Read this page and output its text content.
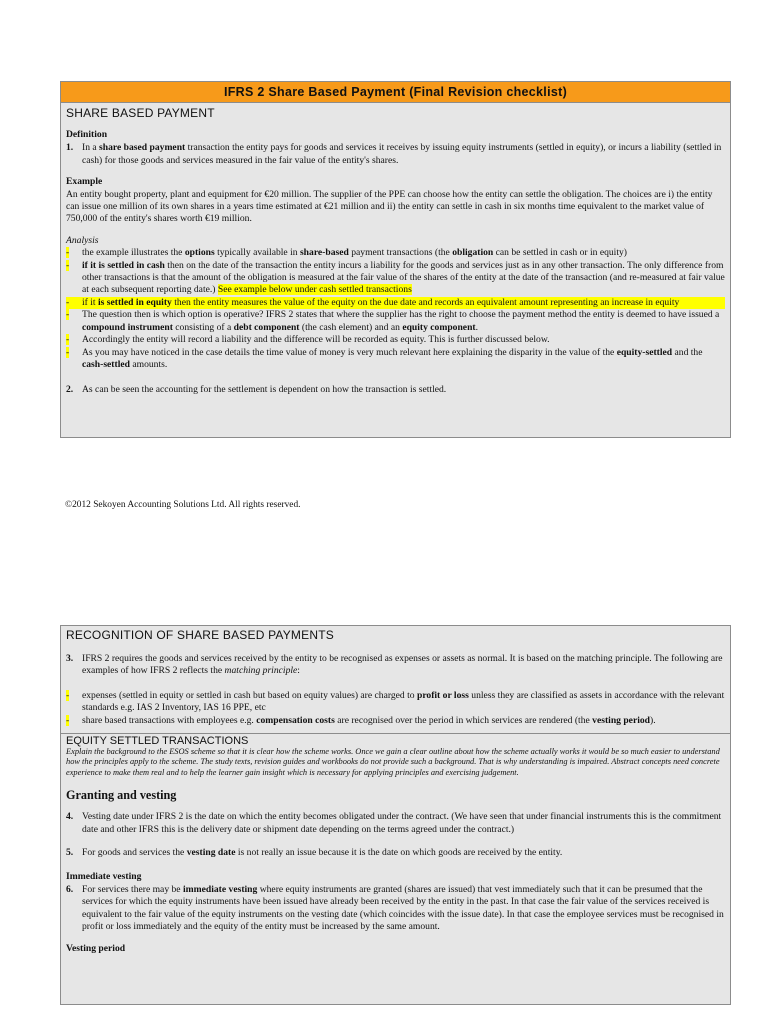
IFRS 2 Share Based Payment (Final Revision checklist)
SHARE BASED PAYMENT
Definition
1. In a share based payment transaction the entity pays for goods and services it receives by issuing equity instruments (settled in equity), or incurs a liability (settled in cash) for those goods and services measured in the fair value of the entity's shares.
Example
An entity bought property, plant and equipment for €20 million. The supplier of the PPE can choose how the entity can settle the obligation. The choices are i) the entity can issue one million of its own shares in a years time estimated at €21 million and ii) the entity can settle in cash in six months time equivalent to the market value of 750,000 of the entity's shares worth €19 million.
Analysis
-	the example illustrates the options typically available in share-based payment transactions (the obligation can be settled in cash or in equity)
-	if it is settled in cash then on the date of the transaction the entity incurs a liability for the goods and services just as in any other transaction. The only difference from other transactions is that the amount of the obligation is measured at the fair value of the shares of the entity at the date of the transaction (and re-measured at fair value at each subsequent reporting date.) See example below under cash settled transactions
-	if it is settled in equity then the entity measures the value of the equity on the due date and records an equivalent amount representing an increase in equity
-	The question then is which option is operative? IFRS 2 states that where the supplier has the right to choose the payment method the entity is deemed to have issued a compound instrument consisting of a debt component (the cash element) and an equity component.
-	Accordingly the entity will record a liability and the difference will be recorded as equity. This is further discussed below.
-	As you may have noticed in the case details the time value of money is very much relevant here explaining the disparity in the value of the equity-settled and the cash-settled amounts.
2. As can be seen the accounting for the settlement is dependent on how the transaction is settled.
©2012 Sekoyen Accounting Solutions Ltd. All rights reserved.
RECOGNITION OF SHARE BASED PAYMENTS
3. IFRS 2 requires the goods and services received by the entity to be recognised as expenses or assets as normal. It is based on the matching principle. The following are examples of how IFRS 2 reflects the matching principle:
-	expenses (settled in equity or settled in cash but based on equity values) are charged to profit or loss unless they are classified as assets in accordance with the relevant standards e.g. IAS 2 Inventory, IAS 16 PPE, etc
-	share based transactions with employees e.g. compensation costs are recognised over the period in which services are rendered (the vesting period).
EQUITY SETTLED TRANSACTIONS
Explain the background to the ESOS scheme so that it is clear how the scheme works. Once we gain a clear outline about how the scheme actually works it would be so much easier to understand how the principles apply to the scheme. The study texts, revision guides and workbooks do not provide such a background. That is why understanding is impaired. Abstract concepts need concrete experience to make them real and to help the learner gain insight which is necessary for applying principles and exercising judgement.
Granting and vesting
4. Vesting date under IFRS 2 is the date on which the entity becomes obligated under the contract. (We have seen that under financial instruments this is the commitment date and other IFRS this is the delivery date or shipment date depending on the terms agreed under the contract.)
5. For goods and services the vesting date is not really an issue because it is the date on which goods are received by the entity.
Immediate vesting
6. For services there may be immediate vesting where equity instruments are granted (shares are issued) that vest immediately such that it can be presumed that the services for which the equity instruments have been issued have already been received by the entity in the past. In that case the fair value of the services received is equivalent to the fair value of the equity instruments on the vesting date (which coincides with the issue date). In that case the employee services must be recognised in profit or loss immediately and the equity of the entity must be increased by the same amount.
Vesting period
